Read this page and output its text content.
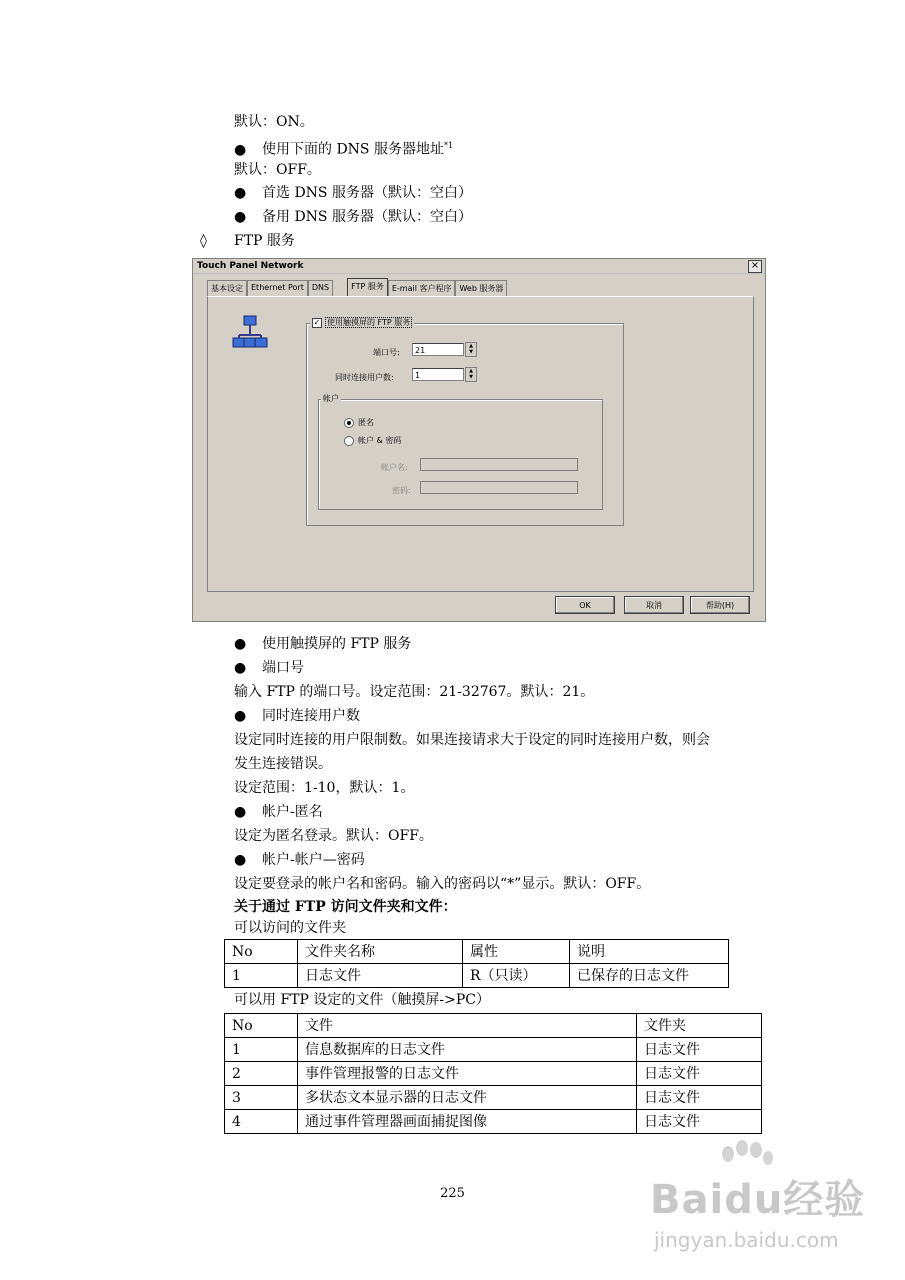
默认：ON。
● 使用下面的 DNS 服务器地址$^{*1}$
默认：OFF。
● 首选 DNS 服务器（默认：空白）
● 备用 DNS 服务器（默认：空白）
◊ FTP 服务
Touch Panel Network	×
基本设定	Ethernet Port	DNS	FTP 服务	E-mail 客户程序	Web 服务器
✓ 使用触摸屏的 FTP 服务
端口号:	21	▲
▼
同时连接用户数:	1	▲
▼
帐户
匿名
帐户 & 密码
帐户名:
密码:
OK	取消	帮助(H)
● 使用触摸屏的 FTP 服务
● 端口号
输入 FTP 的端口号。设定范围：21-32767。默认：21。
● 同时连接用户数
设定同时连接的用户限制数。如果连接请求大于设定的同时连接用户数，则会
发生连接错误。
设定范围：1-10，默认：1。
● 帐户-匿名
设定为匿名登录。默认：OFF。
● 帐户-帐户—密码
设定要登录的帐户名和密码。输入的密码以“*”显示。默认：OFF。
关于通过 FTP 访问文件夹和文件：
可以访问的文件夹
No	文件夹名称	属性	说明
1	日志文件	R（只读）	已保存的日志文件
可以用 FTP 设定的文件（触摸屏->PC）
No	文件	文件夹
1	信息数据库的日志文件	日志文件
2	事件管理报警的日志文件	日志文件
3	多状态文本显示器的日志文件	日志文件
4	通过事件管理器画面捕捉图像	日志文件
225	Baidu经验
jingyan.baidu.com
